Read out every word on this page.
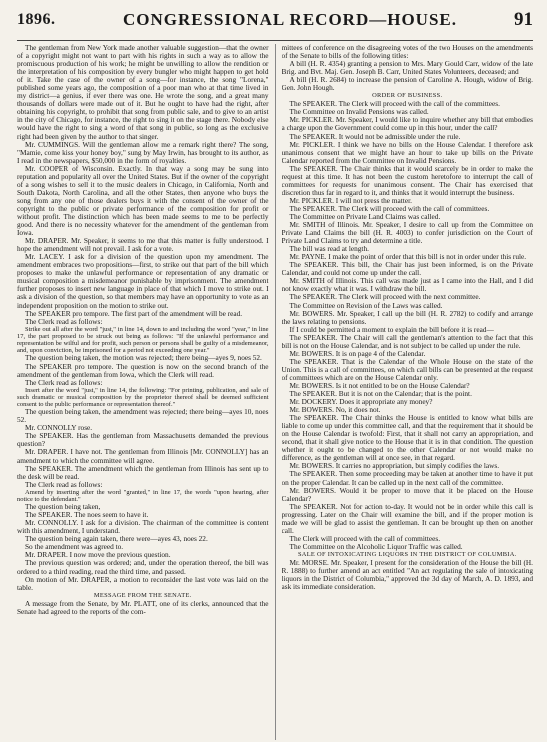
1896.	CONGRESSIONAL RECORD—HOUSE.	91

The gentleman from New York made another valuable suggestion—that the owner of a copyright might not want to part with his rights in such a way as to allow the promiscuous production of his work; he might be unwilling to allow the rendition or the interpretation of his composition by every bungler who might happen to get hold of it. Take the case of the owner of a song—for instance, the song "Lorena," published some years ago, the composition of a poor man who at that time lived in my district—a genius, if ever there was one. He wrote the song, and a great many thousands of dollars were made out of it. But he ought to have had the right, after obtaining his copyright, to prohibit that song from public sale, and to give to an artist in the city of Chicago, for instance, the right to sing it on the stage there. Nobody else would have the right to sing a word of that song in public, so long as the exclusive right had been given by the author to that singer.

Mr. CUMMINGS. Will the gentleman allow me a remark right there? The song, "Mamie, come kiss your honey boy," sung by May Irwin, has brought to its author, as I read in the newspapers, $50,000 in the form of royalties.

Mr. COOPER of Wisconsin. Exactly. In that way a song may be sung into reputation and popularity all over the United States. But if the owner of the copyright of a song wishes to sell it to the music dealers in Chicago, in California, North and South Dakota, North Carolina, and all the other States, then anyone who buys the song from any one of those dealers buys it with the consent of the owner of the copyright to the public or private performance of the composition for profit or without profit. The distinction which has been made seems to me to be perfectly good. And there is no necessity whatever for the amendment of the gentleman from Iowa.

Mr. DRAPER. Mr. Speaker, it seems to me that this matter is fully understood. I hope the amendment will not prevail. I ask for a vote.

Mr. LACEY. I ask for a division of the question upon my amendment. The amendment embraces two propositions—first, to strike out that part of the bill which proposes to make the unlawful performance or representation of any dramatic or musical composition a misdemeanor punishable by imprisonment. The amendment further proposes to insert new language in place of that which I move to strike out. I ask a division of the question, so that members may have an opportunity to vote as an independent proposition on the motion to strike out.

The SPEAKER pro tempore. The first part of the amendment will be read.

The Clerk read as follows:

Strike out all after the word "just," in line 14, down to and including the word "year," in line 17, the part proposed to be struck out being as follows: "If the unlawful performance and representation be wilful and for profit, such person or persons shall be guilty of a misdemeanor, and, upon conviction, be imprisoned for a period not exceeding one year."

The question being taken, the motion was rejected; there being—ayes 9, noes 52.

The SPEAKER pro tempore. The question is now on the second branch of the amendment of the gentleman from Iowa, which the Clerk will read.

The Clerk read as follows:

Insert after the word "just," in line 14, the following: "For printing, publication, and sale of such dramatic or musical composition by the proprietor thereof shall be deemed sufficient consent to the public performance or representation thereof."

The question being taken, the amendment was rejected; there being—ayes 10, noes 52.

Mr. CONNOLLY rose.

The SPEAKER. Has the gentleman from Massachusetts demanded the previous question?

Mr. DRAPER. I have not. The gentleman from Illinois [Mr. CONNOLLY] has an amendment to which the committee will agree.

The SPEAKER. The amendment which the gentleman from Illinois has sent up to the desk will be read.

The Clerk read as follows:

Amend by inserting after the word "granted," in line 17, the words "upon hearing, after notice to the defendant."

The question being taken,

The SPEAKER. The noes seem to have it.

Mr. CONNOLLY. I ask for a division. The chairman of the committee is content with this amendment, I understand.

The question being again taken, there were—ayes 43, noes 22.

So the amendment was agreed to.

Mr. DRAPER. I now move the previous question.

The previous question was ordered; and, under the operation thereof, the bill was ordered to a third reading, read the third time, and passed.

On motion of Mr. DRAPER, a motion to reconsider the last vote was laid on the table.

MESSAGE FROM THE SENATE.

A message from the Senate, by Mr. PLATT, one of its clerks, announced that the Senate had agreed to the reports of the com-

mittees of conference on the disagreeing votes of the two Houses on the amendments of the Senate to bills of the following titles:

A bill (H. R. 4354) granting a pension to Mrs. Mary Gould Carr, widow of the late Brig. and Bvt. Maj. Gen. Joseph B. Carr, United States Volunteers, deceased; and

A bill (H. R. 2684) to increase the pension of Caroline A. Hough, widow of Brig. Gen. John Hough.

ORDER OF BUSINESS.

The SPEAKER. The Clerk will proceed with the call of the committees.

The Committee on Invalid Pensions was called.

Mr. PICKLER. Mr. Speaker, I would like to inquire whether any bill that embodies a charge upon the Government could come up in this hour, under the call?

The SPEAKER. It would not be admissible under the rule.

Mr. PICKLER. I think we have no bills on the House Calendar. I therefore ask unanimous consent that we might have an hour to take up bills on the Private Calendar reported from the Committee on Invalid Pensions.

The SPEAKER. The Chair thinks that it would scarcely be in order to make the request at this time. It has not been the custom heretofore to interrupt the call of committees for requests for unanimous consent. The Chair has exercised that discretion thus far in regard to it, and thinks that it would interrupt the business.

Mr. PICKLER. I will not press the matter.

The SPEAKER. The Clerk will proceed with the call of committees.

The Committee on Private Land Claims was called.

Mr. SMITH of Illinois. Mr. Speaker, I desire to call up from the Committee on Private Land Claims the bill (H. R. 4003) to confer jurisdiction on the Court of Private Land Claims to try and determine a title.

The bill was read at length.

Mr. PAYNE. I make the point of order that this bill is not in order under this rule.

The SPEAKER. This bill, the Chair has just been informed, is on the Private Calendar, and could not come up under the call.

Mr. SMITH of Illinois. This call was made just as I came into the Hall, and I did not know exactly what it was. I withdraw the bill.

The SPEAKER. The Clerk will proceed with the next committee.

The Committee on Revision of the Laws was called.

Mr. BOWERS. Mr. Speaker, I call up the bill (H. R. 2782) to codify and arrange the laws relating to pensions.

If I could be permitted a moment to explain the bill before it is read—

The SPEAKER. The Chair will call the gentleman's attention to the fact that this bill is not on the House Calendar, and is not subject to be called up under the rule.

Mr. BOWERS. It is on page 4 of the Calendar.

The SPEAKER. That is the Calendar of the Whole House on the state of the Union. This is a call of committees, on which call bills can be presented at the request of committees which are on the House Calendar only.

Mr. BOWERS. Is it not entitled to be on the House Calendar?

The SPEAKER. But it is not on the Calendar; that is the point.

Mr. DOCKERY. Does it appropriate any money?

Mr. BOWERS. No, it does not.

The SPEAKER. The Chair thinks the House is entitled to know what bills are liable to come up under this committee call, and that the requirement that it should be on the House Calendar is twofold: First, that it shall not carry an appropriation, and second, that it shall give notice to the House that it is in that condition. The question whether it ought to be changed to the other Calendar or not would make no difference, as the gentleman will at once see, in that regard.

Mr. BOWERS. It carries no appropriation, but simply codifies the laws.

The SPEAKER. Then some proceeding may be taken at another time to have it put on the proper Calendar. It can be called up in the next call of the committee.

Mr. BOWERS. Would it be proper to move that it be placed on the House Calendar?

The SPEAKER. Not for action to-day. It would not be in order while this call is progressing. Later on the Chair will examine the bill, and if the proper motion is made we will be glad to assist the gentleman. It can be brought up then on another call.

The Clerk will proceed with the call of committees.

The Committee on the Alcoholic Liquor Traffic was called.

SALE OF INTOXICATING LIQUORS IN THE DISTRICT OF COLUMBIA.

Mr. MORSE. Mr. Speaker, I present for the consideration of the House the bill (H. R. 1888) to further amend an act entitled "An act regulating the sale of intoxicating liquors in the District of Columbia," approved the 3d day of March, A. D. 1893, and ask its immediate consideration.
